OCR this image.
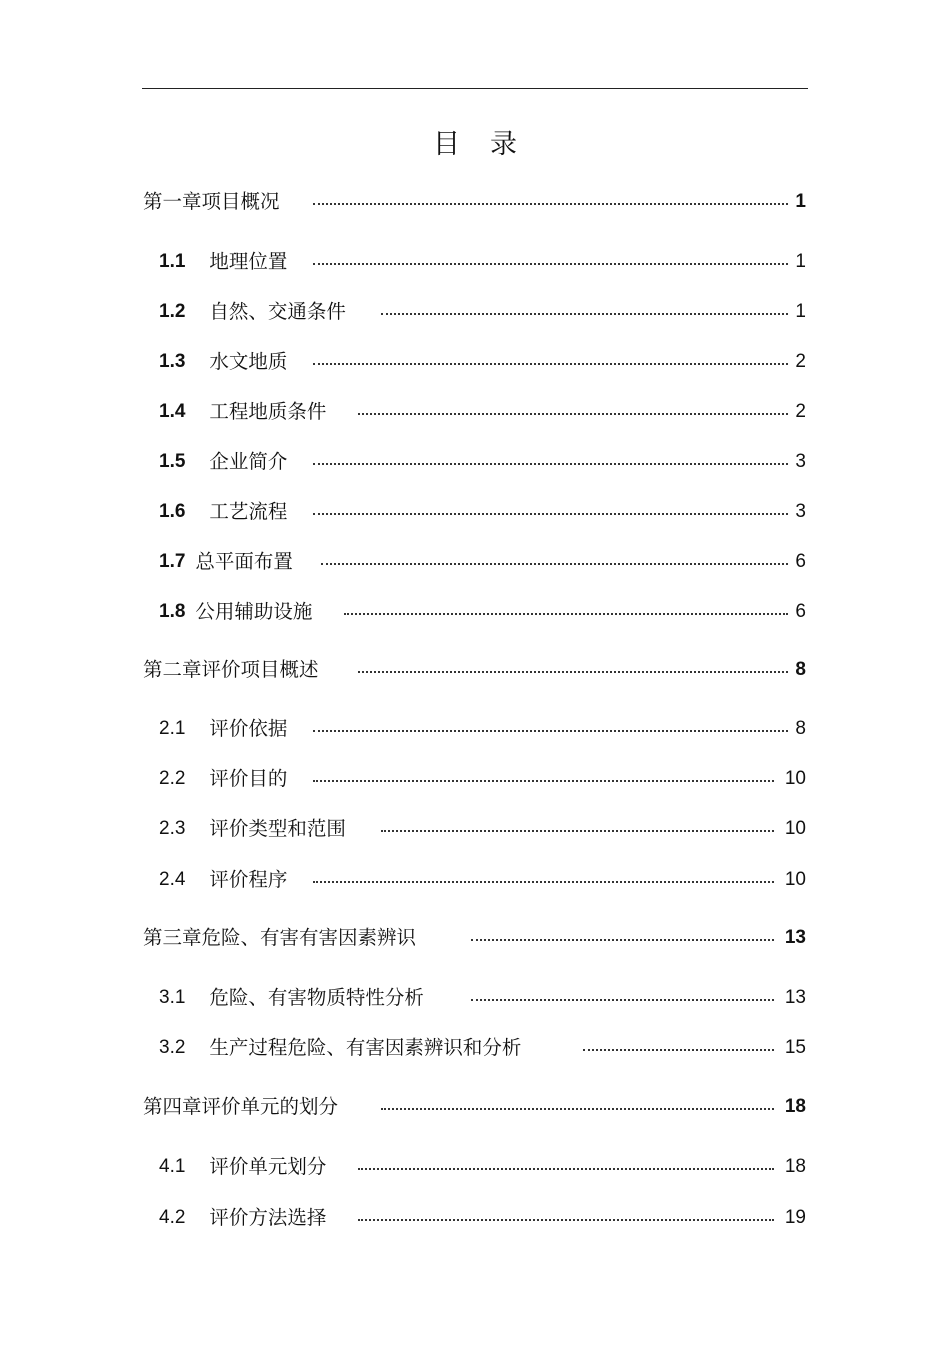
目 录
第一章项目概况	1
1.1 地理位置	1
1.2 自然、交通条件	1
1.3 水文地质	2
1.4 工程地质条件	2
1.5 企业简介	3
1.6 工艺流程	3
1.7 总平面布置	6
1.8 公用辅助设施	6
第二章评价项目概述	8
2.1 评价依据	8
2.2 评价目的	10
2.3 评价类型和范围	10
2.4 评价程序	10
第三章危险、有害有害因素辨识	13
3.1 危险、有害物质特性分析	13
3.2 生产过程危险、有害因素辨识和分析	15
第四章评价单元的划分	18
4.1 评价单元划分	18
4.2 评价方法选择	19
